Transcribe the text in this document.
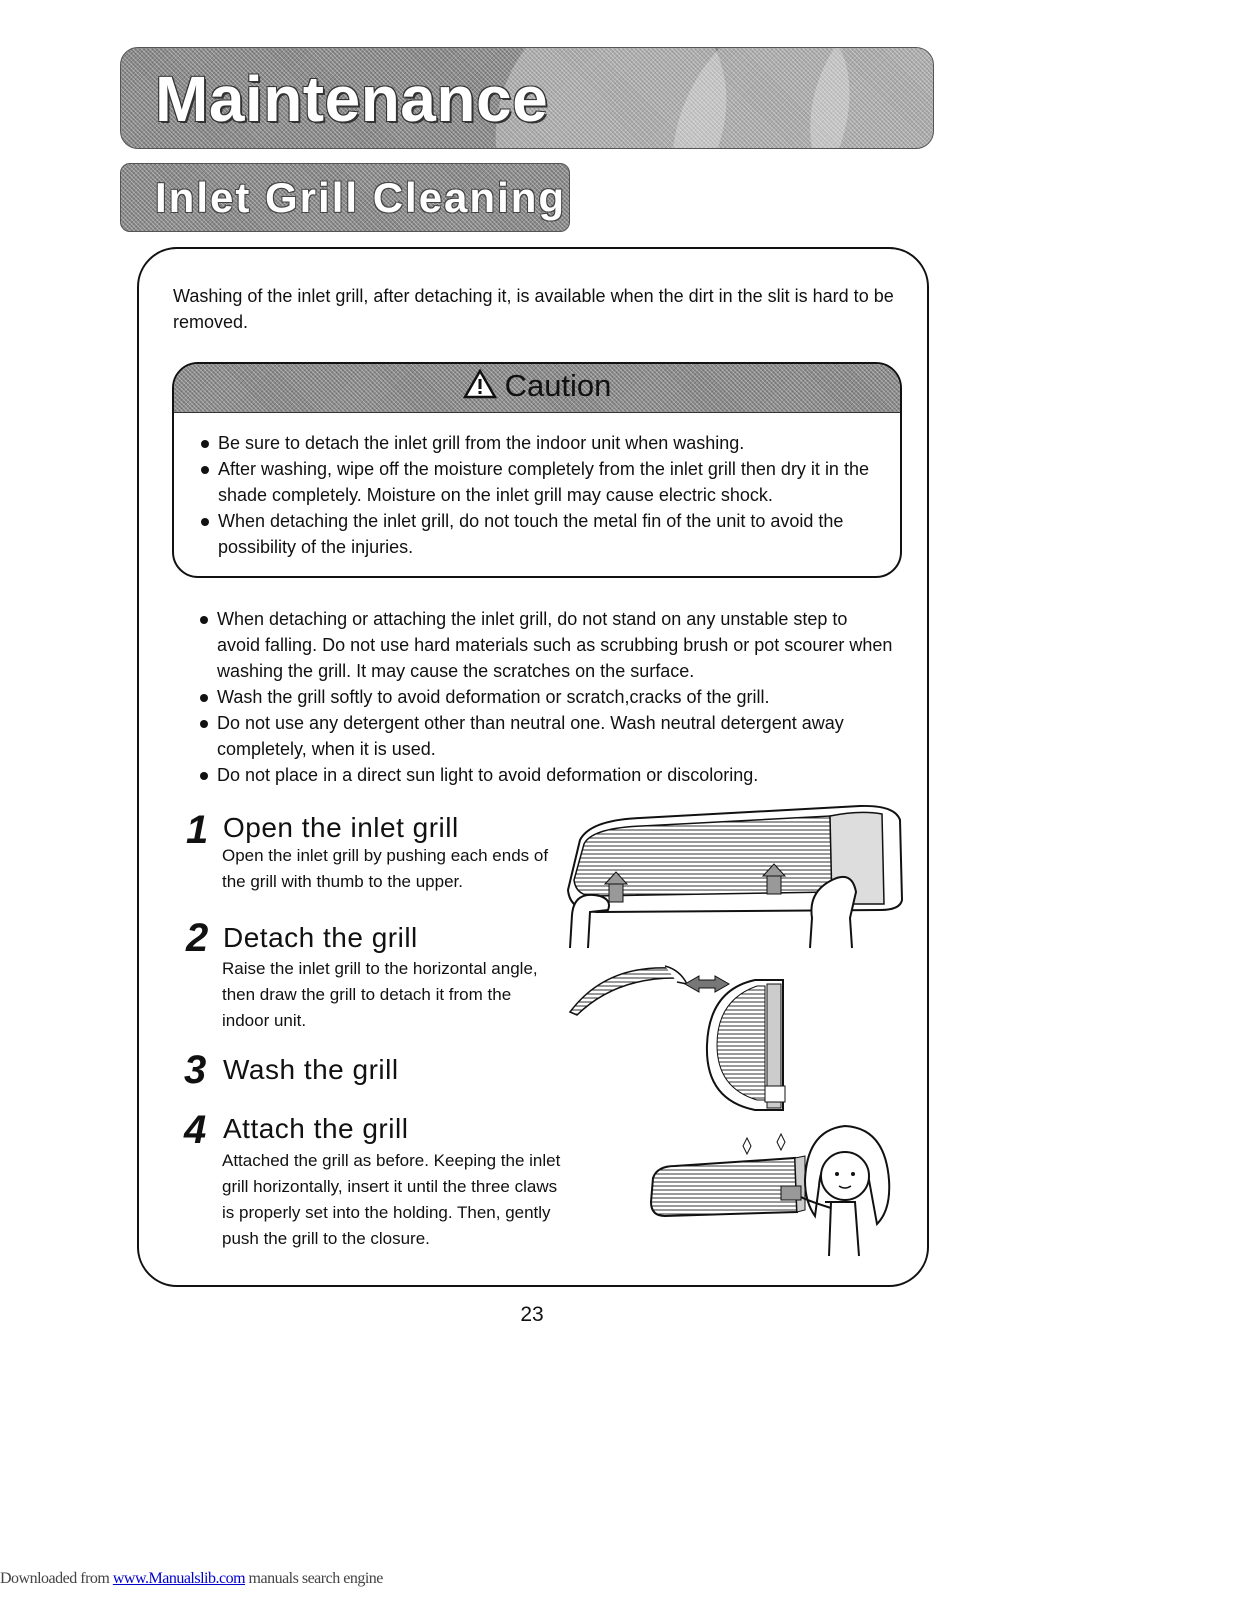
Maintenance
Inlet Grill Cleaning
Washing of the inlet grill, after detaching it, is available when the dirt in the slit is hard to be removed.
Caution
Be sure to detach the inlet grill from the indoor unit when washing.
After washing, wipe off the moisture completely from the inlet grill then dry it in the shade completely. Moisture on the inlet grill may cause electric shock.
When detaching the inlet grill, do not touch the metal fin of the unit to avoid the possibility of the injuries.
When detaching or attaching the inlet grill, do not stand on any unstable step to avoid falling. Do not use hard materials such as scrubbing brush or pot scourer when washing the grill. It may cause the scratches on the surface.
Wash the grill softly to avoid deformation or scratch,cracks of the grill.
Do not use any detergent other than neutral one. Wash neutral detergent away completely, when it is used.
Do not place in a direct sun light to avoid deformation or discoloring.
1 Open the inlet grill
Open the inlet grill by pushing each ends of the grill with thumb to the upper.
2 Detach the grill
Raise the inlet grill to the horizontal angle, then draw the grill to detach it from the indoor unit.
3 Wash the grill
4 Attach the grill
Attached the grill as before. Keeping the inlet grill horizontally, insert it until the three claws is properly set into the holding. Then, gently push the grill to the closure.
23
Downloaded from www.Manualslib.com manuals search engine
